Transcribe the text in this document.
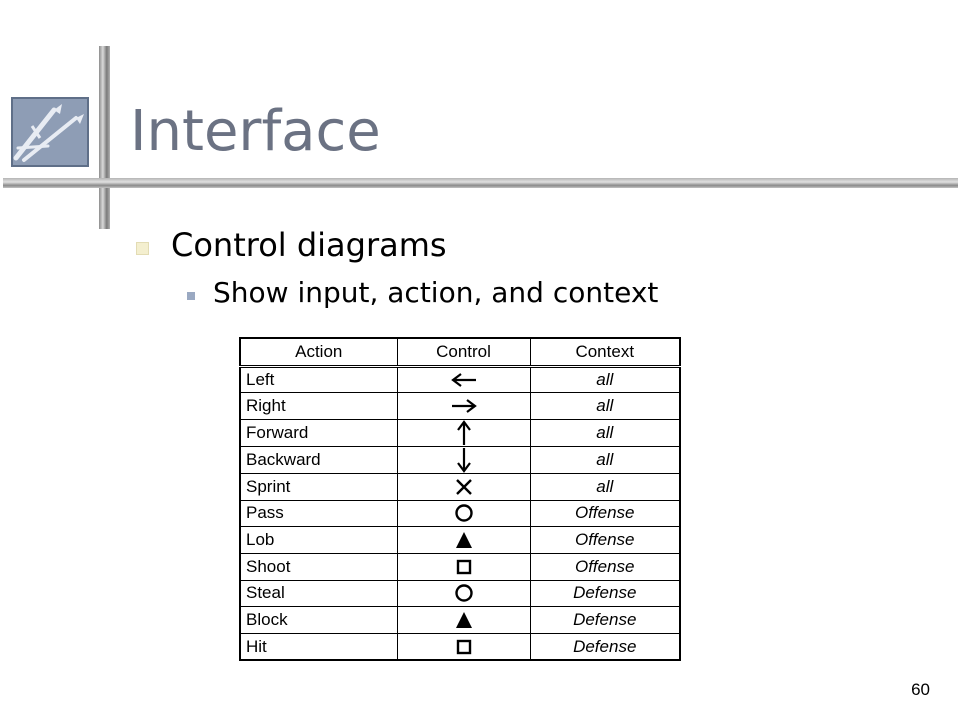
Interface
Control diagrams
Show input, action, and context
Action	Control	Context
Left		all
Right		all
Forward		all
Backward		all
Sprint		all
Pass		Offense
Lob		Offense
Shoot		Offense
Steal		Defense
Block		Defense
Hit		Defense
60
